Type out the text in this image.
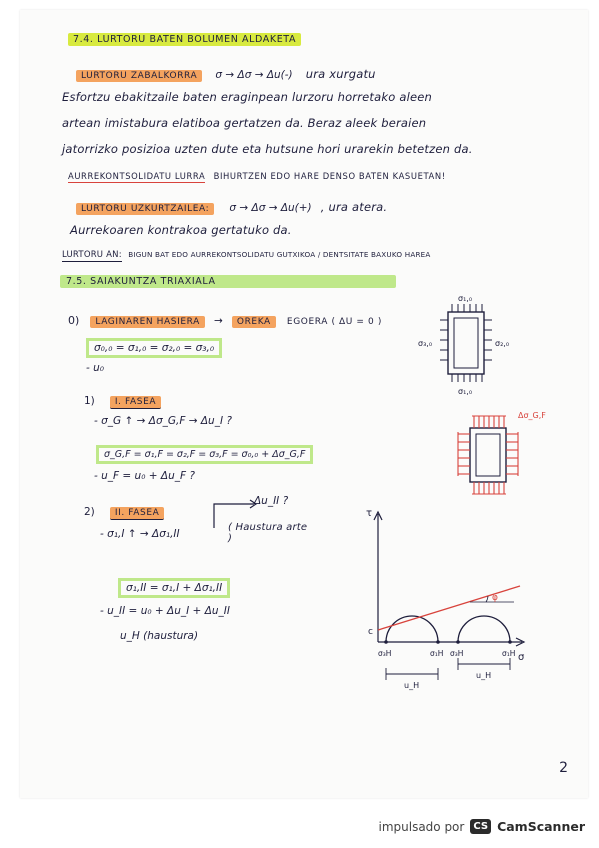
7.4. LURTORU BATEN BOLUMEN ALDAKETA
LURTORU ZABALKORRA σ → Δσ → Δu(-) ura xurgatu
Esfortzu ebakitzaile baten eraginpean lurzoru horretako aleen
artean imistabura elatiboa gertatzen da. Beraz aleek beraien
jatorrizko posizioa uzten dute eta hutsune hori urarekin betetzen da.
AURREKONTSOLIDATU LURRA BIHURTZEN EDO HARE DENSO BATEN KASUETAN!
LURTORU UZKURTZAILEA: σ → Δσ → Δu(+) , ura atera.
Aurrekoaren kontrakoa gertatuko da.
LURTORU AN: BIGUN BAT EDO AURREKONTSOLIDATU GUTXIKOA / DENTSITATE BAXUKO HAREA
7.5. SAIAKUNTZA TRIAXIALA
0) LAGINAREN HASIERA → OREKA EGOERA ( ΔU = 0 )
σ₀,₀ = σ₁,₀ = σ₂,₀ = σ₃,₀
- u₀
1) I. FASEA
- σ_G ↑ → Δσ_G,F → Δu_I ?
σ_G,F = σ₁,F = σ₂,F = σ₃,F = σ₀,₀ + Δσ_G,F
- u_F = u₀ + Δu_F ?
Δu_II ?
2) II. FASEA
- σ₁,I ↑ → Δσ₁,II
( Haustura arte )
σ₁,II = σ₁,I + Δσ₁,II
- u_II = u₀ + Δu_I + Δu_II
u_H (haustura)
σ₁,₀
σ₁,₀
σ₃,₀	σ₂,₀
Δσ_G,F
τ
σ
c
φ
σ₃H	σ₁H σ₃H	σ₁H
u_H
u_H
2
impulsado por CS CamScanner
